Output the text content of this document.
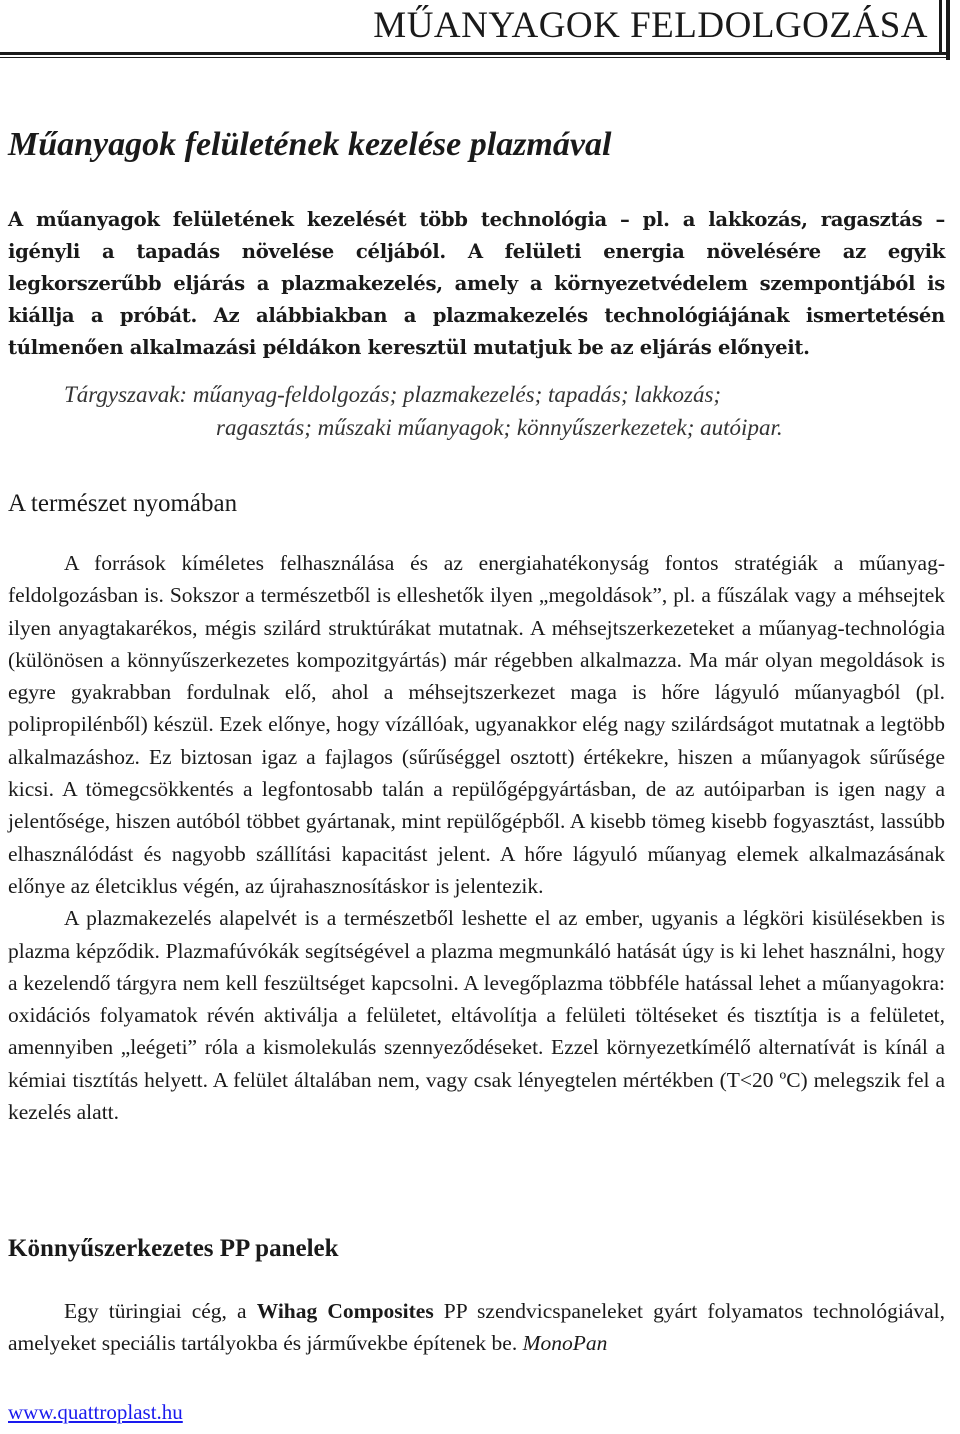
MŰANYAGOK FELDOLGOZÁSA
Műanyagok felületének kezelése plazmával

A műanyagok felületének kezelését több technológia – pl. a lakkozás, ragasztás – igényli a tapadás növelése céljából. A felületi energia növelésére az egyik legkorszerűbb eljárás a plazmakezelés, amely a környezetvédelem szempontjából is kiállja a próbát. Az alábbiakban a plazmakezelés technológiájának ismertetésén túlmenően alkalmazási példákon keresztül mutatjuk be az eljárás előnyeit.

Tárgyszavak: műanyag-feldolgozás; plazmakezelés; tapadás; lakkozás;
ragasztás; műszaki műanyagok; könnyűszerkezetek; autóipar.
A természet nyomában

A források kíméletes felhasználása és az energiahatékonyság fontos stratégiák a műanyag-feldolgozásban is. Sokszor a természetből is elleshetők ilyen „megoldások”, pl. a fűszálak vagy a méhsejtek ilyen anyagtakarékos, mégis szilárd struktúrákat mutatnak. A méhsejtszerkezeteket a műanyag-technológia (különösen a könnyűszerkezetes kompozitgyártás) már régebben alkalmazza. Ma már olyan megoldások is egyre gyakrabban fordulnak elő, ahol a méhsejtszerkezet maga is hőre lágyuló műanyagból (pl. polipropilénből) készül. Ezek előnye, hogy vízállóak, ugyanakkor elég nagy szilárdságot mutatnak a legtöbb alkalmazáshoz. Ez biztosan igaz a fajlagos (sűrűséggel osztott) értékekre, hiszen a műanyagok sűrűsége kicsi. A tömegcsökkentés a legfontosabb talán a repülőgépgyártásban, de az autóiparban is igen nagy a jelentősége, hiszen autóból többet gyártanak, mint repülőgépből. A kisebb tömeg kisebb fogyasztást, lassúbb elhasználódást és nagyobb szállítási kapacitást jelent. A hőre lágyuló műanyag elemek alkalmazásának előnye az életciklus végén, az újrahasznosításkor is jelentezik.

A plazmakezelés alapelvét is a természetből leshette el az ember, ugyanis a légköri kisülésekben is plazma képződik. Plazmafúvókák segítségével a plazma megmunkáló hatását úgy is ki lehet használni, hogy a kezelendő tárgyra nem kell feszültséget kapcsolni. A levegőplazma többféle hatással lehet a műanyagokra: oxidációs folyamatok révén aktiválja a felületet, eltávolítja a felületi töltéseket és tisztítja is a felületet, amennyiben „leégeti” róla a kismolekulás szennyeződéseket. Ezzel környezetkímélő alternatívát is kínál a kémiai tisztítás helyett. A felület általában nem, vagy csak lényegtelen mértékben (T<20 ºC) melegszik fel a kezelés alatt.

Könnyűszerkezetes PP panelek

Egy türingiai cég, a Wihag Composites PP szendvicspaneleket gyárt folyamatos technológiával, amelyeket speciális tartályokba és járművekbe építenek be. MonoPan

www.quattroplast.hu
